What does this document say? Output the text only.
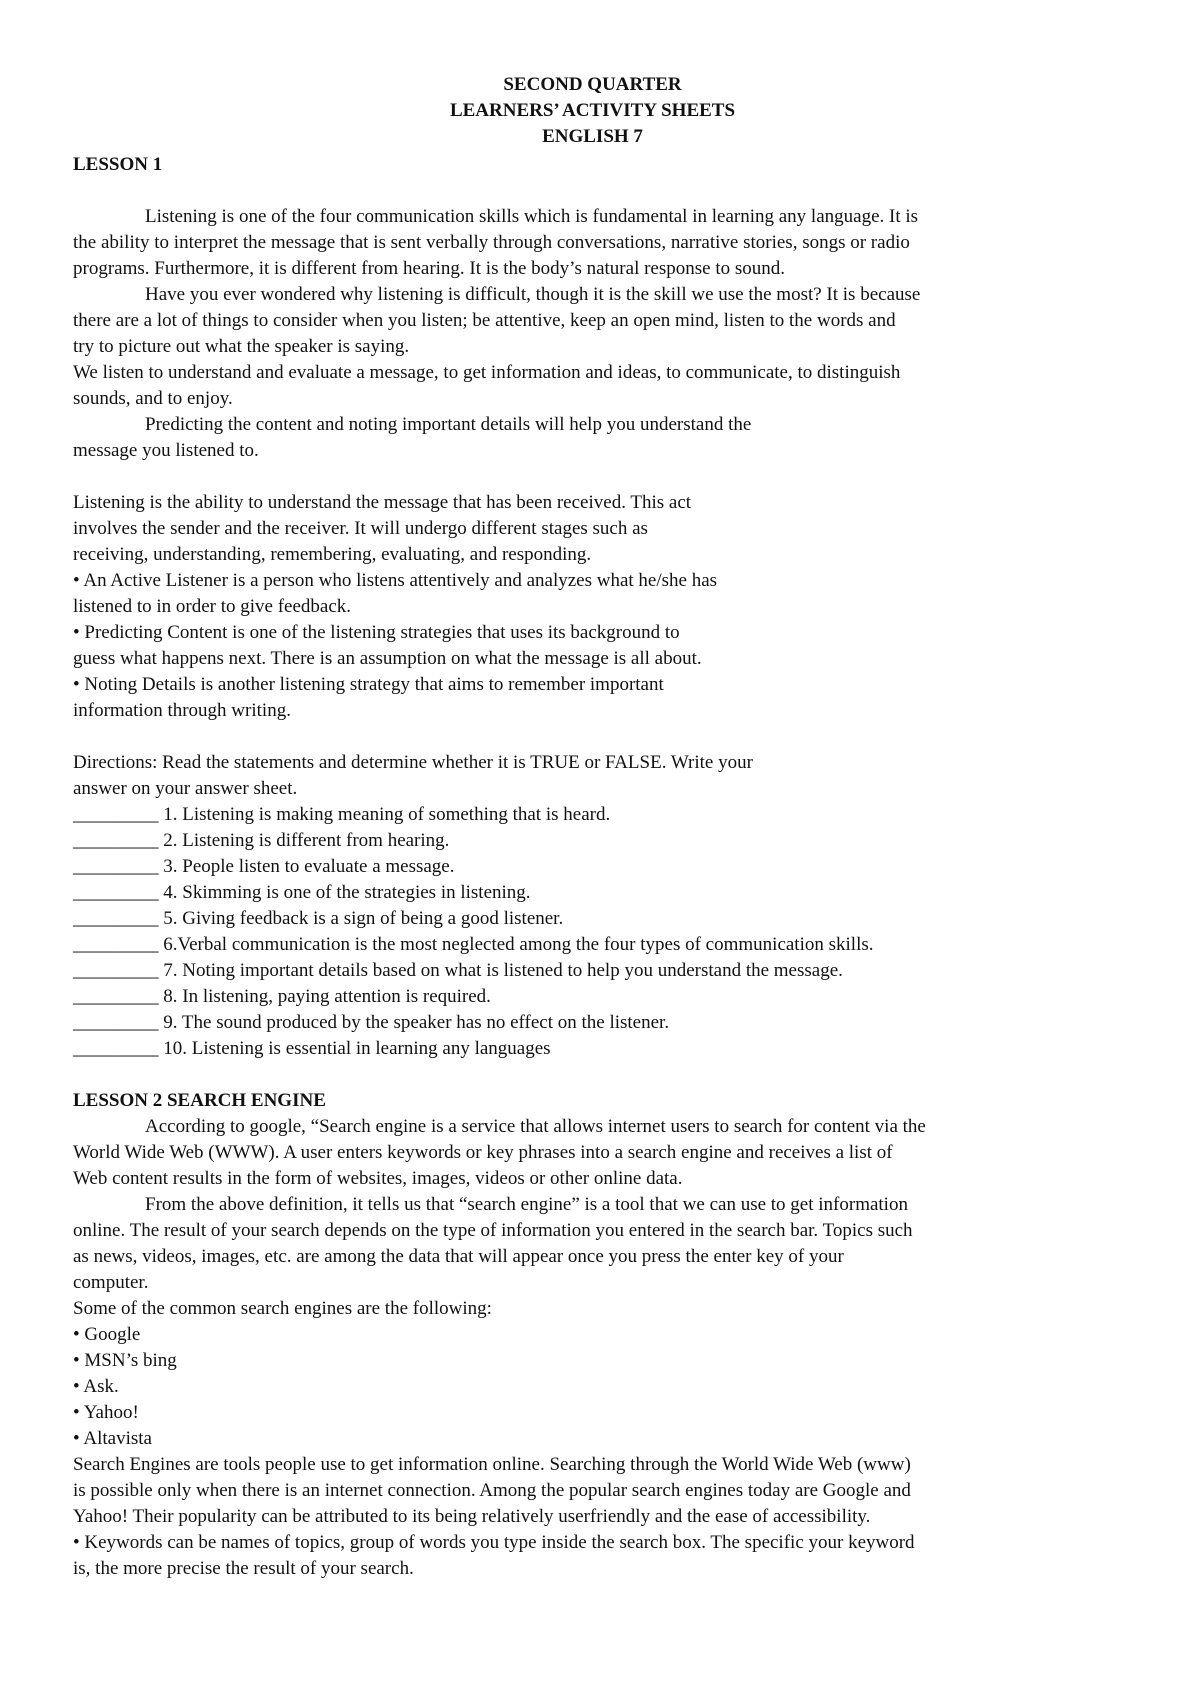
SECOND QUARTER

LEARNERS’ ACTIVITY SHEETS

ENGLISH 7

LESSON 1

Listening is one of the four communication skills which is fundamental in learning any language. It is

the ability to interpret the message that is sent verbally through conversations, narrative stories, songs or radio

programs. Furthermore, it is different from hearing. It is the body’s natural response to sound.

Have you ever wondered why listening is difficult, though it is the skill we use the most? It is because

there are a lot of things to consider when you listen; be attentive, keep an open mind, listen to the words and

try to picture out what the speaker is saying.

We listen to understand and evaluate a message, to get information and ideas, to communicate, to distinguish

sounds, and to enjoy.

Predicting the content and noting important details will help you understand the

message you listened to.

Listening is the ability to understand the message that has been received. This act

involves the sender and the receiver. It will undergo different stages such as

receiving, understanding, remembering, evaluating, and responding.

• An Active Listener is a person who listens attentively and analyzes what he/she has

listened to in order to give feedback.

• Predicting Content is one of the listening strategies that uses its background to

guess what happens next. There is an assumption on what the message is all about.

• Noting Details is another listening strategy that aims to remember important

information through writing.

Directions: Read the statements and determine whether it is TRUE or FALSE. Write your

answer on your answer sheet.

_________ 1. Listening is making meaning of something that is heard.

_________ 2. Listening is different from hearing.

_________ 3. People listen to evaluate a message.

_________ 4. Skimming is one of the strategies in listening.

_________ 5. Giving feedback is a sign of being a good listener.

_________ 6.Verbal communication is the most neglected among the four types of communication skills.

_________ 7. Noting important details based on what is listened to help you understand the message.

_________ 8. In listening, paying attention is required.

_________ 9. The sound produced by the speaker has no effect on the listener.

_________ 10. Listening is essential in learning any languages

LESSON 2 SEARCH ENGINE

According to google, “Search engine is a service that allows internet users to search for content via the

World Wide Web (WWW). A user enters keywords or key phrases into a search engine and receives a list of

Web content results in the form of websites, images, videos or other online data.

From the above definition, it tells us that “search engine” is a tool that we can use to get information

online. The result of your search depends on the type of information you entered in the search bar. Topics such

as news, videos, images, etc. are among the data that will appear once you press the enter key of your

computer.

Some of the common search engines are the following:

• Google

• MSN’s bing

• Ask.

• Yahoo!

• Altavista

Search Engines are tools people use to get information online. Searching through the World Wide Web (www)

is possible only when there is an internet connection. Among the popular search engines today are Google and

Yahoo! Their popularity can be attributed to its being relatively userfriendly and the ease of accessibility.

• Keywords can be names of topics, group of words you type inside the search box. The specific your keyword

is, the more precise the result of your search.
